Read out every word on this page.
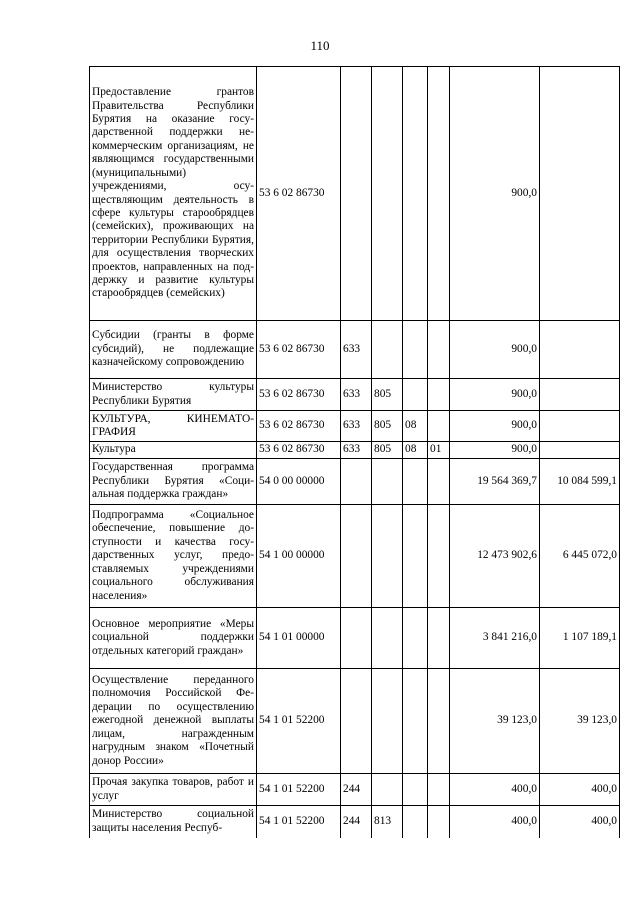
110
Предоставление грантов Правительства Республики Бурятия на оказание государственной поддержки некоммерческим организациям, не являющимся государственными (муниципальными) учреждениями, осуществляющим деятельность в сфере культуры старообрядцев (семейских), проживающих на территории Республики Бурятия, для осуществления творческих проектов, направленных на поддержку и развитие культуры старообрядцев (семейских)	53 6 02 86730					900,0	
Субсидии (гранты в форме субсидий), не подлежащие казначейскому сопровождению	53 6 02 86730	633				900,0	
Министерство культуры Республики Бурятия	53 6 02 86730	633	805			900,0	
КУЛЬТУРА, КИНЕМАТОГРАФИЯ	53 6 02 86730	633	805	08		900,0	
Культура	53 6 02 86730	633	805	08	01	900,0	
Государственная программа Республики Бурятия «Социальная поддержка граждан»	54 0 00 00000					19 564 369,7	10 084 599,1
Подпрограмма «Социальное обеспечение, повышение доступности и качества государственных услуг, предоставляемых учреждениями социального обслуживания населения»	54 1 00 00000					12 473 902,6	6 445 072,0
Основное мероприятие «Меры социальной поддержки отдельных категорий граждан»	54 1 01 00000					3 841 216,0	1 107 189,1
Осуществление переданного полномочия Российской Федерации по осуществлению ежегодной денежной выплаты лицам, награжденным нагрудным знаком «Почетный донор России»	54 1 01 52200					39 123,0	39 123,0
Прочая закупка товаров, работ и услуг	54 1 01 52200	244				400,0	400,0
Министерство социальной защиты населения Респуб-	54 1 01 52200	244	813			400,0	400,0
